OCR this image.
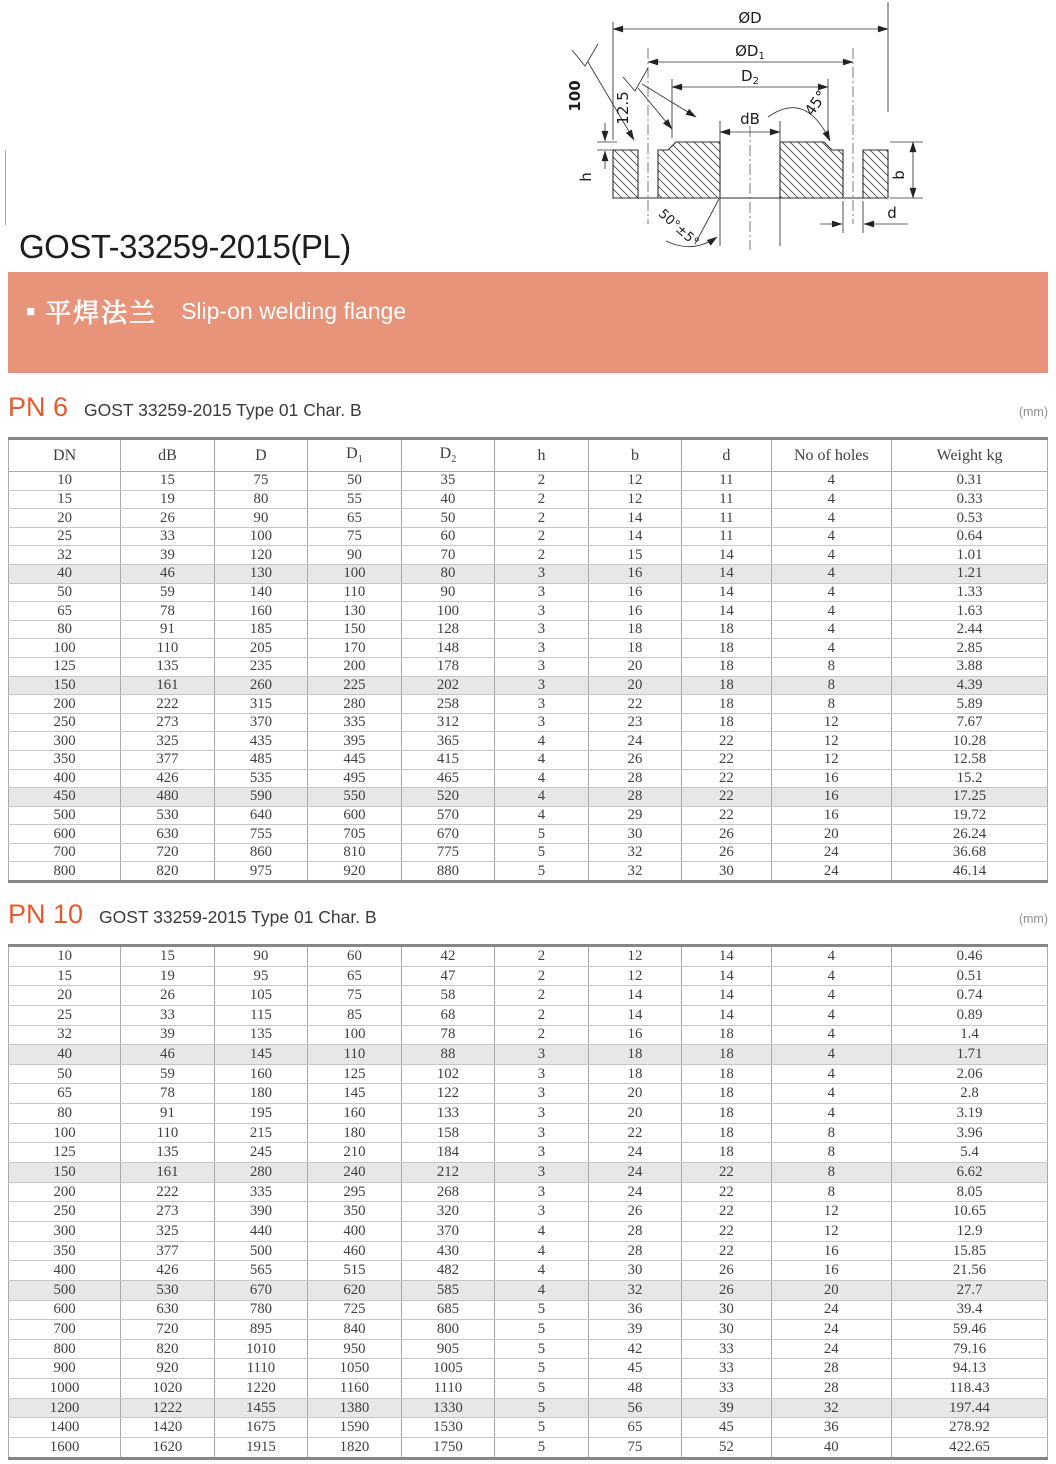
ØD
$ØD_1$
$D_2$
dB	45°
h	b
d
100 12.5
50°±5°
GOST-33259-2015(PL)
■ 平焊法兰 Slip-on welding flange
PN 6 GOST 33259-2015 Type 01 Char. B	(mm)
DN	dB	D	$D_1$	$D_2$	h	b	d	No of holes	Weight kg
10	15	75	50	35	2	12	11	4	0.31
15	19	80	55	40	2	12	11	4	0.33
20	26	90	65	50	2	14	11	4	0.53
25	33	100	75	60	2	14	11	4	0.64
32	39	120	90	70	2	15	14	4	1.01
40	46	130	100	80	3	16	14	4	1.21
50	59	140	110	90	3	16	14	4	1.33
65	78	160	130	100	3	16	14	4	1.63
80	91	185	150	128	3	18	18	4	2.44
100	110	205	170	148	3	18	18	4	2.85
125	135	235	200	178	3	20	18	8	3.88
150	161	260	225	202	3	20	18	8	4.39
200	222	315	280	258	3	22	18	8	5.89
250	273	370	335	312	3	23	18	12	7.67
300	325	435	395	365	4	24	22	12	10.28
350	377	485	445	415	4	26	22	12	12.58
400	426	535	495	465	4	28	22	16	15.2
450	480	590	550	520	4	28	22	16	17.25
500	530	640	600	570	4	29	22	16	19.72
600	630	755	705	670	5	30	26	20	26.24
700	720	860	810	775	5	32	26	24	36.68
800	820	975	920	880	5	32	30	24	46.14
PN 10 GOST 33259-2015 Type 01 Char. B	(mm)
10	15	90	60	42	2	12	14	4	0.46
15	19	95	65	47	2	12	14	4	0.51
20	26	105	75	58	2	14	14	4	0.74
25	33	115	85	68	2	14	14	4	0.89
32	39	135	100	78	2	16	18	4	1.4
40	46	145	110	88	3	18	18	4	1.71
50	59	160	125	102	3	18	18	4	2.06
65	78	180	145	122	3	20	18	4	2.8
80	91	195	160	133	3	20	18	4	3.19
100	110	215	180	158	3	22	18	8	3.96
125	135	245	210	184	3	24	18	8	5.4
150	161	280	240	212	3	24	22	8	6.62
200	222	335	295	268	3	24	22	8	8.05
250	273	390	350	320	3	26	22	12	10.65
300	325	440	400	370	4	28	22	12	12.9
350	377	500	460	430	4	28	22	16	15.85
400	426	565	515	482	4	30	26	16	21.56
500	530	670	620	585	4	32	26	20	27.7
600	630	780	725	685	5	36	30	24	39.4
700	720	895	840	800	5	39	30	24	59.46
800	820	1010	950	905	5	42	33	24	79.16
900	920	1110	1050	1005	5	45	33	28	94.13
1000	1020	1220	1160	1110	5	48	33	28	118.43
1200	1222	1455	1380	1330	5	56	39	32	197.44
1400	1420	1675	1590	1530	5	65	45	36	278.92
1600	1620	1915	1820	1750	5	75	52	40	422.65
